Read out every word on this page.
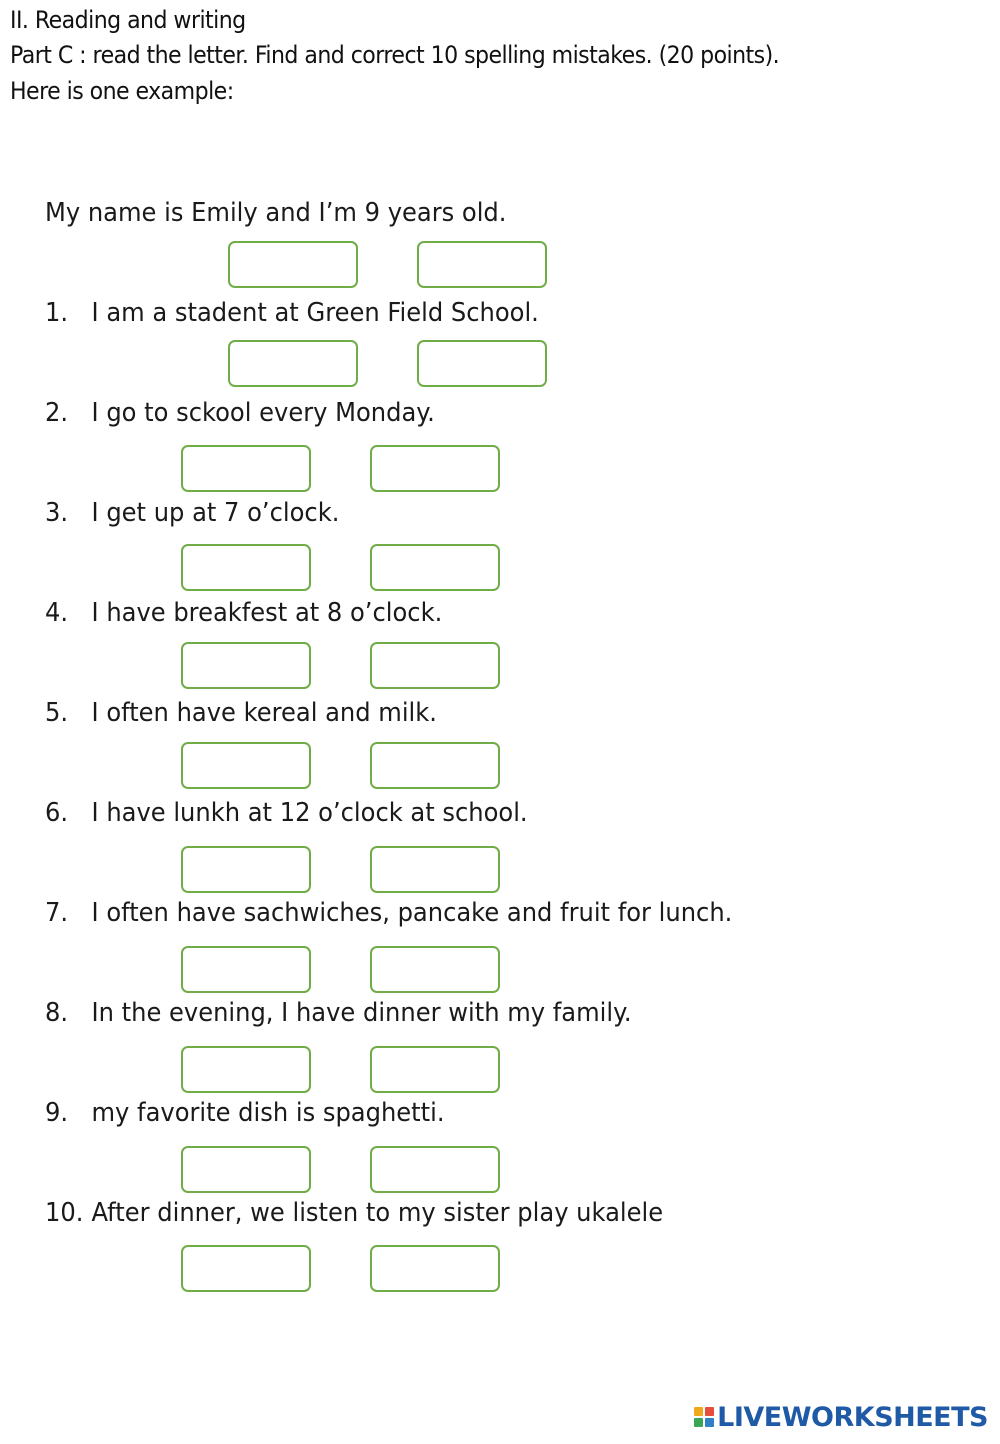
II. Reading and writing
Part C : read the letter. Find and correct 10 spelling mistakes. (20 points).
Here is one example:
My name is Emily and I’m 9 years old.
1. I am a stadent at Green Field School.
2. I go to sckool every Monday.
3. I get up at 7 o’clock.
4. I have breakfest at 8 o’clock.
5. I often have kereal and milk.
6. I have lunkh at 12 o’clock at school.
7. I often have sachwiches, pancake and fruit for lunch.
8. In the evening, I have dinner with my family.
9. my favorite dish is spaghetti.
10. After dinner, we listen to my sister play ukalele
LIVEWORKSHEETS
